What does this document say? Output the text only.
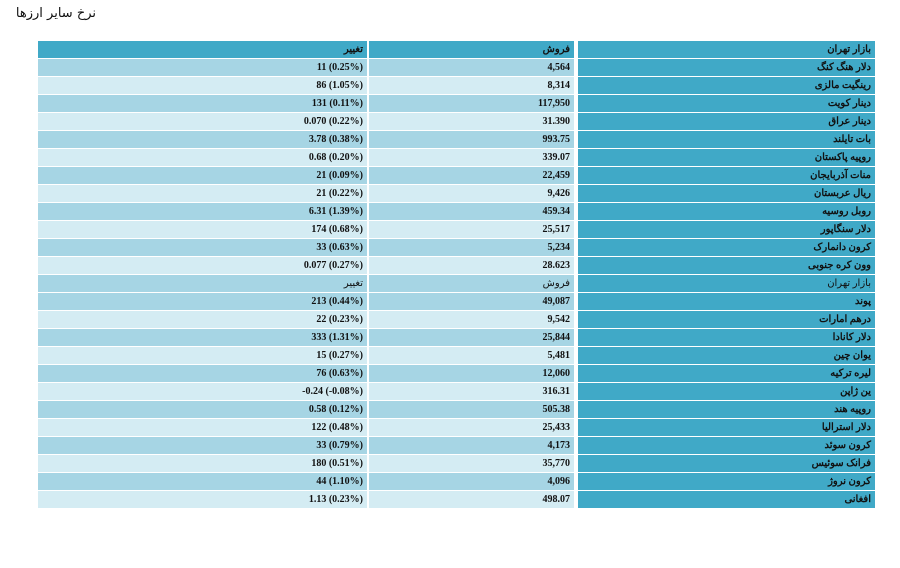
نرخ سایر ارزها
تغییر	فروش	بازار تهران
11 (0.25%)	4,564	دلار هنگ کنگ
86 (1.05%)	8,314	رینگیت مالزی
131 (0.11%)	117,950	دینار کویت
0.070 (0.22%)	31.390	دینار عراق
3.78 (0.38%)	993.75	بات تایلند
0.68 (0.20%)	339.07	روپیه پاکستان
21 (0.09%)	22,459	منات آذربایجان
21 (0.22%)	9,426	ریال عربستان
6.31 (1.39%)	459.34	روبل روسیه
174 (0.68%)	25,517	دلار سنگاپور
33 (0.63%)	5,234	کرون دانمارک
0.077 (0.27%)	28.623	وون کره جنوبی

تغییر	فروش	بازار تهران
213 (0.44%)	49,087	پوند
22 (0.23%)	9,542	درهم امارات
333 (1.31%)	25,844	دلار کانادا
15 (0.27%)	5,481	یوان چین
76 (0.63%)	12,060	لیره ترکیه
-0.24 (-0.08%)	316.31	ین ژاپن
0.58 (0.12%)	505.38	روپیه هند
122 (0.48%)	25,433	دلار استرالیا
33 (0.79%)	4,173	کرون سوئد
180 (0.51%)	35,770	فرانک سوئیس
44 (1.10%)	4,096	کرون نروژ
1.13 (0.23%)	498.07	افغانی
